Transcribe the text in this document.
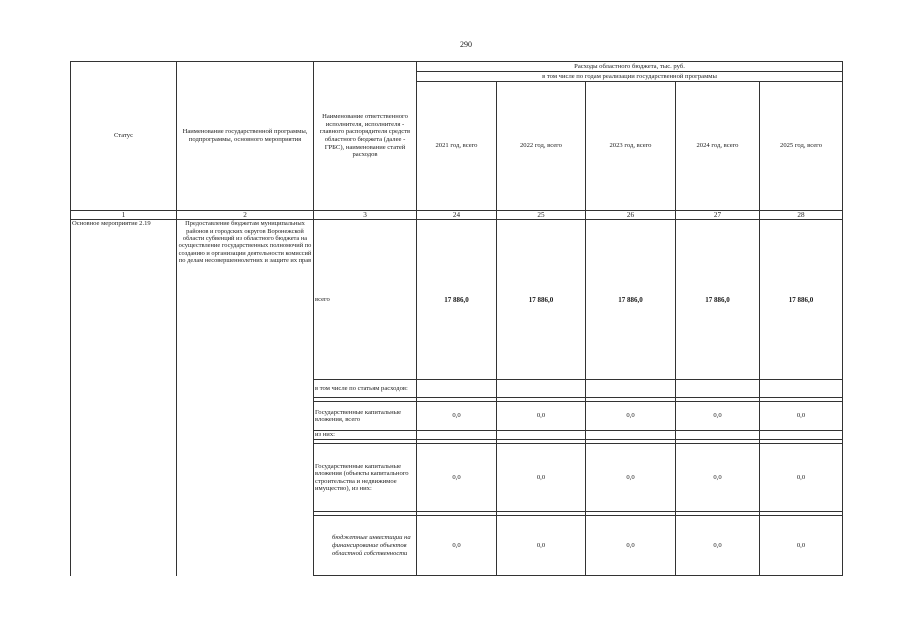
290
Статус	Наименование государственной программы, подпрограммы, основного мероприятия	Наименование ответственного исполнителя, исполнителя - главного распорядителя средств областного бюджета (далее - ГРБС), наименование статей расходов	Расходы областного бюджета, тыс. руб.				
			в том числе по годам реализации государственной программы				
			2021 год, всего	2022 год, всего	2023 год, всего	2024 год, всего	2025 год, всего
1	2	3	24	25	26	27	28
Основное мероприятие 2.19	Предоставление бюджетам муниципальных районов и городских округов Воронежской области субвенций из областного бюджета на осуществление государственных полномочий по созданию и организации деятельности комиссий по делам несовершеннолетних и защите их прав	всего	17 886,0	17 886,0	17 886,0	17 886,0	17 886,0
		в том числе по статьям расходов:					

		Государственные капитальные вложения, всего	0,0	0,0	0,0	0,0	0,0
		из них:					

		Государственные капитальные вложения (объекты капитального строительства и недвижимое имущество), из них:	0,0	0,0	0,0	0,0	0,0

		бюджетные инвестиции на финансирование объектов областной собственности	0,0	0,0	0,0	0,0	0,0
